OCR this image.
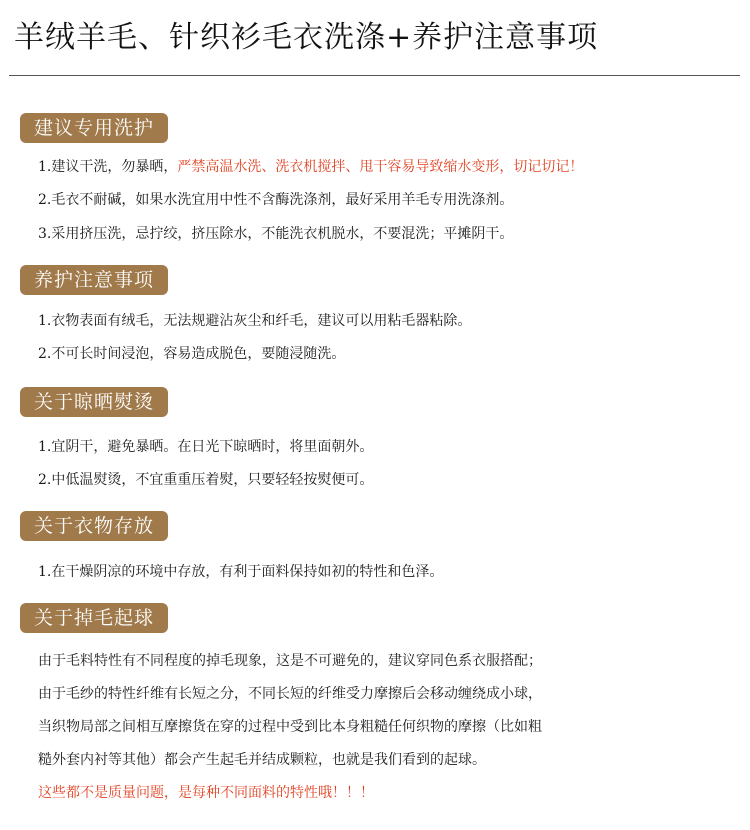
羊绒羊毛、针织衫毛衣洗涤+养护注意事项
建议专用洗护
1.建议干洗，勿暴晒，严禁高温水洗、洗衣机搅拌、甩干容易导致缩水变形，切记切记！
2.毛衣不耐碱，如果水洗宜用中性不含酶洗涤剂，最好采用羊毛专用洗涤剂。
3.采用挤压洗，忌拧绞，挤压除水，不能洗衣机脱水，不要混洗；平摊阴干。
养护注意事项
1.衣物表面有绒毛，无法规避沾灰尘和纤毛，建议可以用粘毛器粘除。
2.不可长时间浸泡，容易造成脱色，要随浸随洗。
关于晾晒熨烫
1.宜阴干，避免暴晒。在日光下晾晒时，将里面朝外。
2.中低温熨烫，不宜重重压着熨，只要轻轻按熨便可。
关于衣物存放
1.在干燥阴凉的环境中存放，有利于面料保持如初的特性和色泽。
关于掉毛起球
由于毛料特性有不同程度的掉毛现象，这是不可避免的，建议穿同色系衣服搭配；
由于毛纱的特性纤维有长短之分，不同长短的纤维受力摩擦后会移动缠绕成小球，
当织物局部之间相互摩擦货在穿的过程中受到比本身粗糙任何织物的摩擦（比如粗
糙外套内衬等其他）都会产生起毛并结成颗粒，也就是我们看到的起球。
这些都不是质量问题，是每种不同面料的特性哦！！！
